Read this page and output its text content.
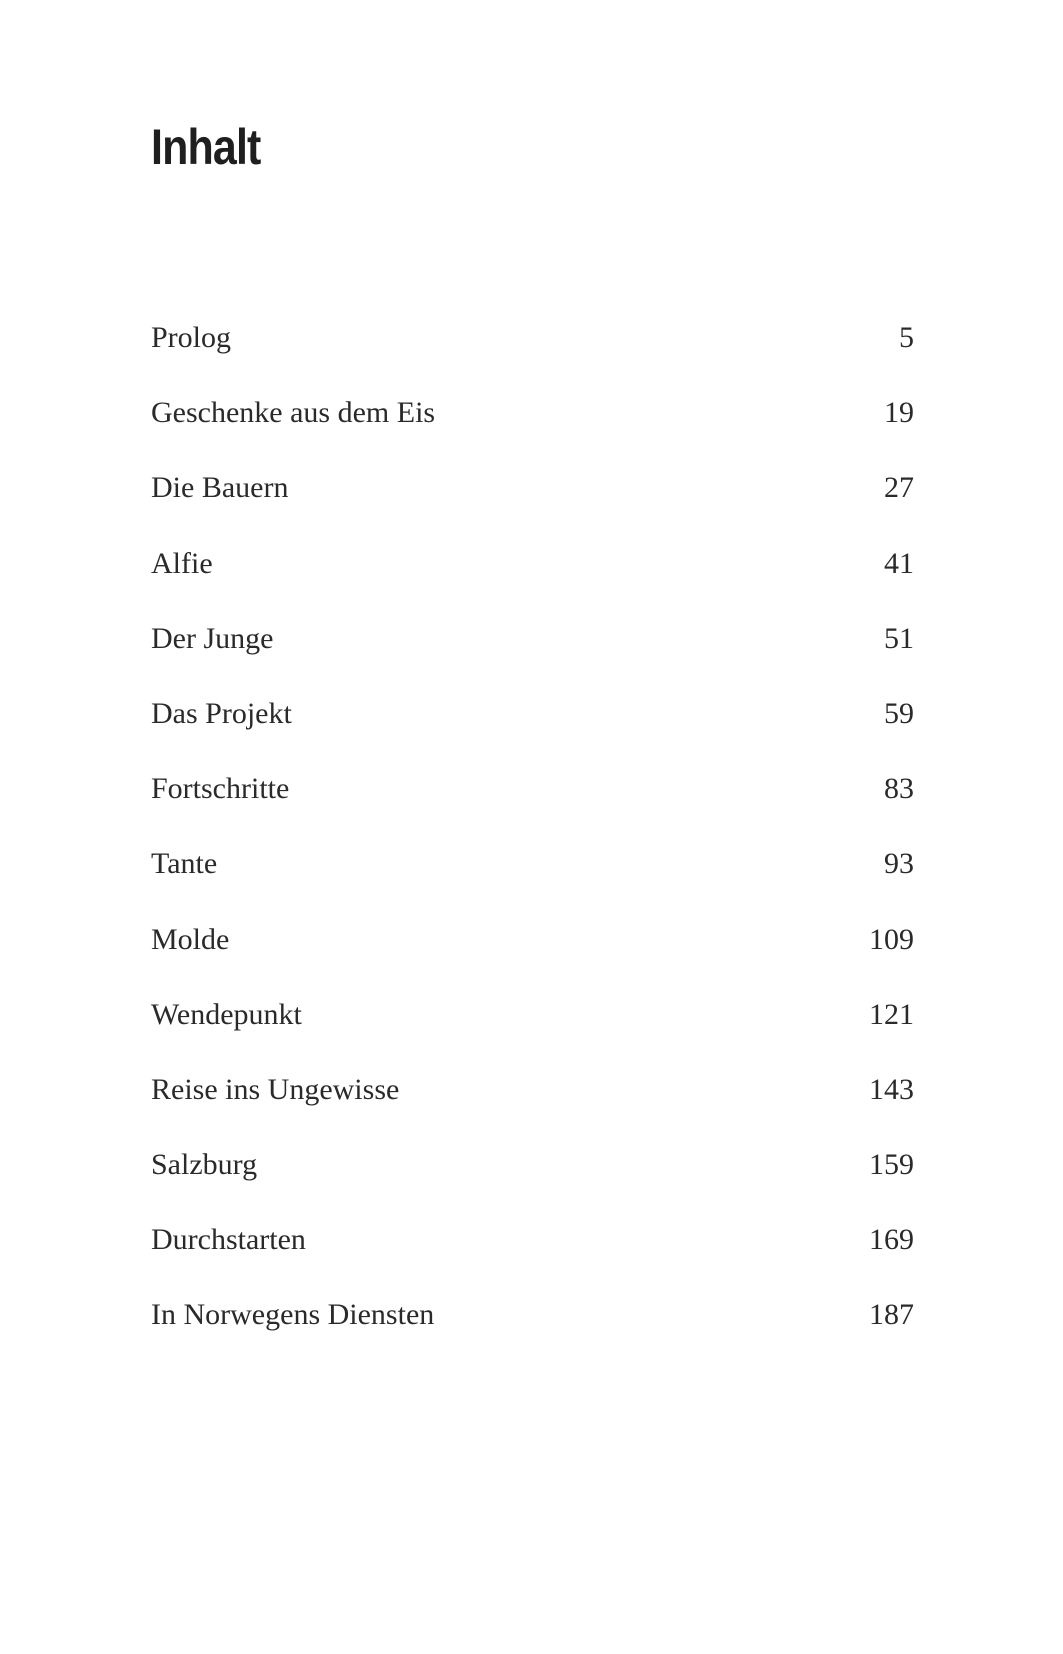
Inhalt
Prolog	5
Geschenke aus dem Eis	19
Die Bauern	27
Alfie	41
Der Junge	51
Das Projekt	59
Fortschritte	83
Tante	93
Molde	109
Wendepunkt	121
Reise ins Ungewisse	143
Salzburg	159
Durchstarten	169
In Norwegens Diensten	187
